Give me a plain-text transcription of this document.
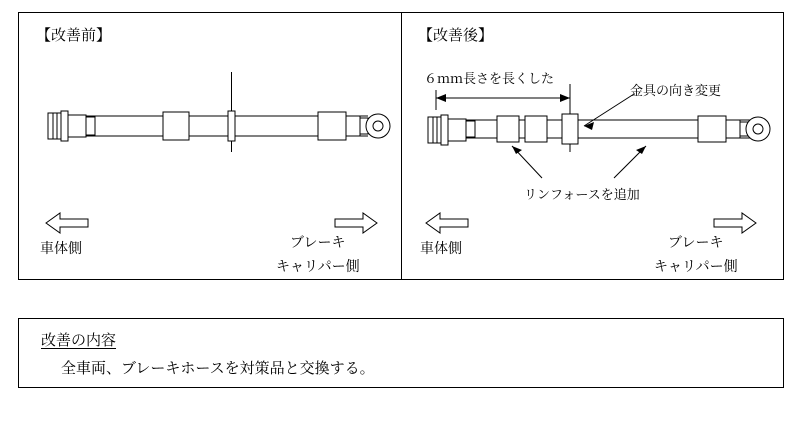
【改善前】
車体側	ブレーキ
キャリパー側
【改善後】
６ｍｍ長さを長くした
金具の向き変更
リンフォースを追加
車体側	ブレーキ
キャリパー側
改善の内容
全車両、ブレーキホースを対策品と交換する。
